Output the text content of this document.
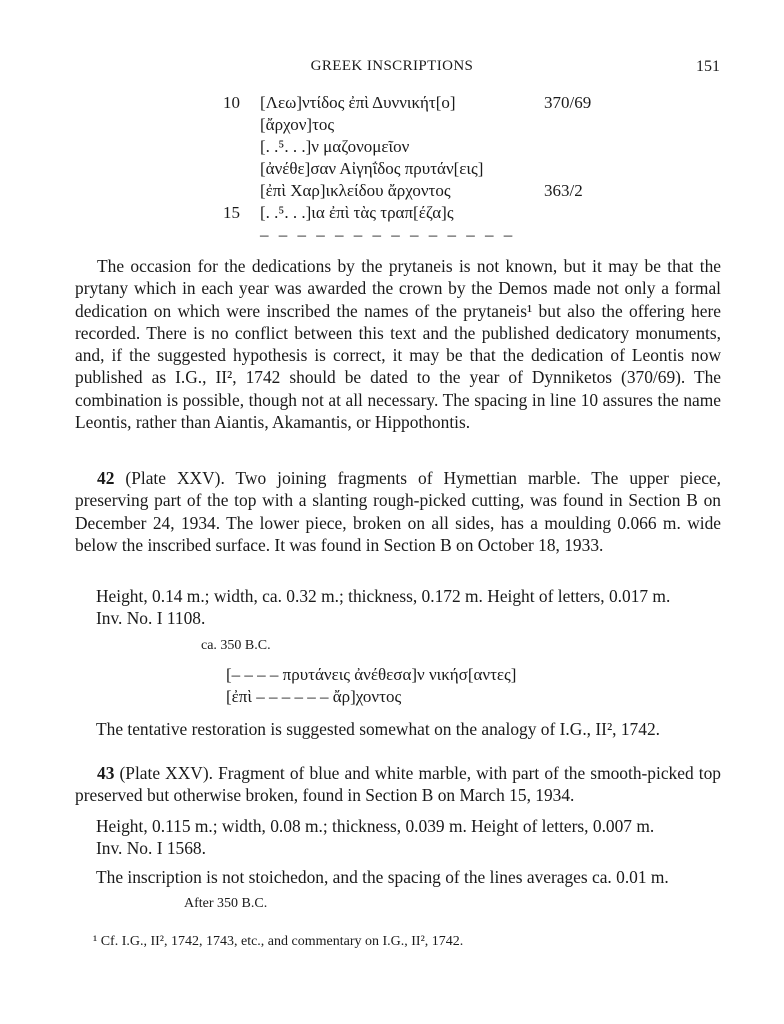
GREEK INSCRIPTIONS	151
10	[Λεω]ντίδος ἐπὶ Δυννικήτ[ο]	370/69
[ἄρχον]τος
[. .⁵. . .]ν μαζονομεῖον
[ἀνέθε]σαν Αἰγηΐδος πρυτάν[εις]
[ἐπὶ Χαρ]ικλείδου ἄρχοντος	363/2
15	[. .⁵. . .]ια ἐπὶ τὰς τραπ[έζα]ς
– – – – – – – – – – – – – –

The occasion for the dedications by the prytaneis is not known, but it may be that the prytany which in each year was awarded the crown by the Demos made not only a formal dedication on which were inscribed the names of the prytaneis¹ but also the offering here recorded. There is no conflict between this text and the published dedicatory monuments, and, if the suggested hypothesis is correct, it may be that the dedication of Leontis now published as I.G., II², 1742 should be dated to the year of Dynniketos (370/69). The combination is possible, though not at all necessary. The spacing in line 10 assures the name Leontis, rather than Aiantis, Akamantis, or Hippothontis.

42 (Plate XXV). Two joining fragments of Hymettian marble. The upper piece, preserving part of the top with a slanting rough-picked cutting, was found in Section B on December 24, 1934. The lower piece, broken on all sides, has a moulding 0.066 m. wide below the inscribed surface. It was found in Section B on October 18, 1933.

Height, 0.14 m.; width, ca. 0.32 m.; thickness, 0.172 m. Height of letters, 0.017 m.

Inv. No. I 1108.

ca. 350 B.C.
[– – – – πρυτάνεις ἀνέθεσα]ν νικήσ[αντες]
[ἐπὶ – – – – – – ἄρ]χοντος

The tentative restoration is suggested somewhat on the analogy of I.G., II², 1742.

43 (Plate XXV). Fragment of blue and white marble, with part of the smooth-picked top preserved but otherwise broken, found in Section B on March 15, 1934.

Height, 0.115 m.; width, 0.08 m.; thickness, 0.039 m. Height of letters, 0.007 m.

Inv. No. I 1568.

The inscription is not stoichedon, and the spacing of the lines averages ca. 0.01 m.

After 350 B.C.
¹ Cf. I.G., II², 1742, 1743, etc., and commentary on I.G., II², 1742.
